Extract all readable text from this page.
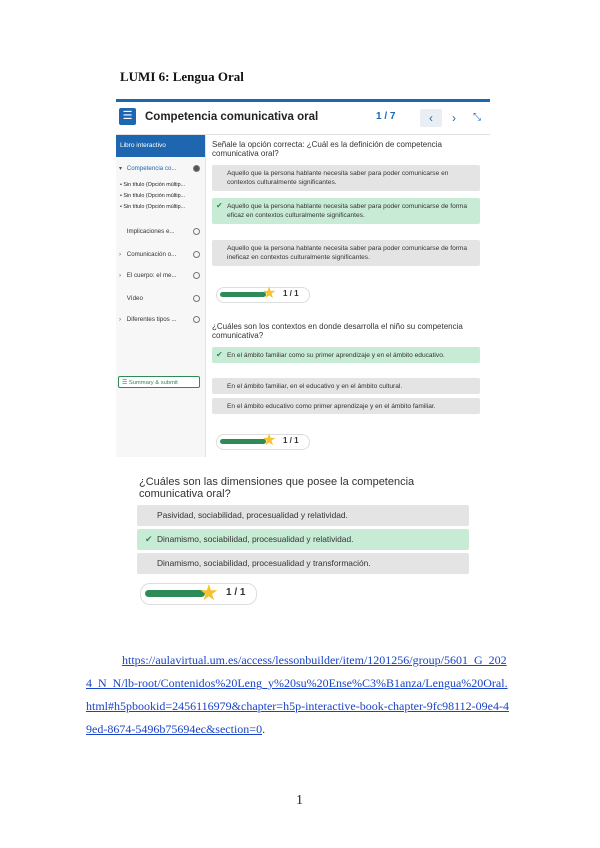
LUMI 6: Lengua Oral
☰	Competencia comunicativa oral	1 / 7	‹	›	⤡
Libro interactivo
▾ Competencia co...
• Sin título (Opción múltip...
• Sin título (Opción múltip...
• Sin título (Opción múltip...
Implicaciones e...
› Comunicación o...
› El cuerpo: el me...
Vídeo
› Diferentes tipos ...
☰ Summary & submit
Señale la opción correcta: ¿Cuál es la definición de competencia comunicativa oral?
Aquello que la persona hablante necesita saber para poder comunicarse en contextos culturalmente significantes.
✔ Aquello que la persona hablante necesita saber para poder comunicarse de forma eficaz en contextos culturalmente significantes.
Aquello que la persona hablante necesita saber para poder comunicarse de forma ineficaz en contextos culturalmente significantes.
★ 1 / 1
¿Cuáles son los contextos en donde desarrolla el niño su competencia comunicativa?
✔ En el ámbito familiar como su primer aprendizaje y en el ámbito educativo.
En el ámbito familiar, en el educativo y en el ámbito cultural.
En el ámbito educativo como primer aprendizaje y en el ámbito familiar.
★ 1 / 1
¿Cuáles son las dimensiones que posee la competencia comunicativa oral?
Pasividad, sociabilidad, procesualidad y relatividad.
✔ Dinamismo, sociabilidad, procesualidad y relatividad.
Dinamismo, sociabilidad, procesualidad y transformación.
★ 1 / 1
https://aulavirtual.um.es/access/lessonbuilder/item/1201256/group/5601_G_202
4_N_N/lb-root/Contenidos%20Leng_y%20su%20Ense%C3%B1anza/Lengua%20Oral.
html#h5pbookid=2456116979&chapter=h5p-interactive-book-chapter-9fc98112-09e4-4
9ed-8674-5496b75694ec&section=0.
1
